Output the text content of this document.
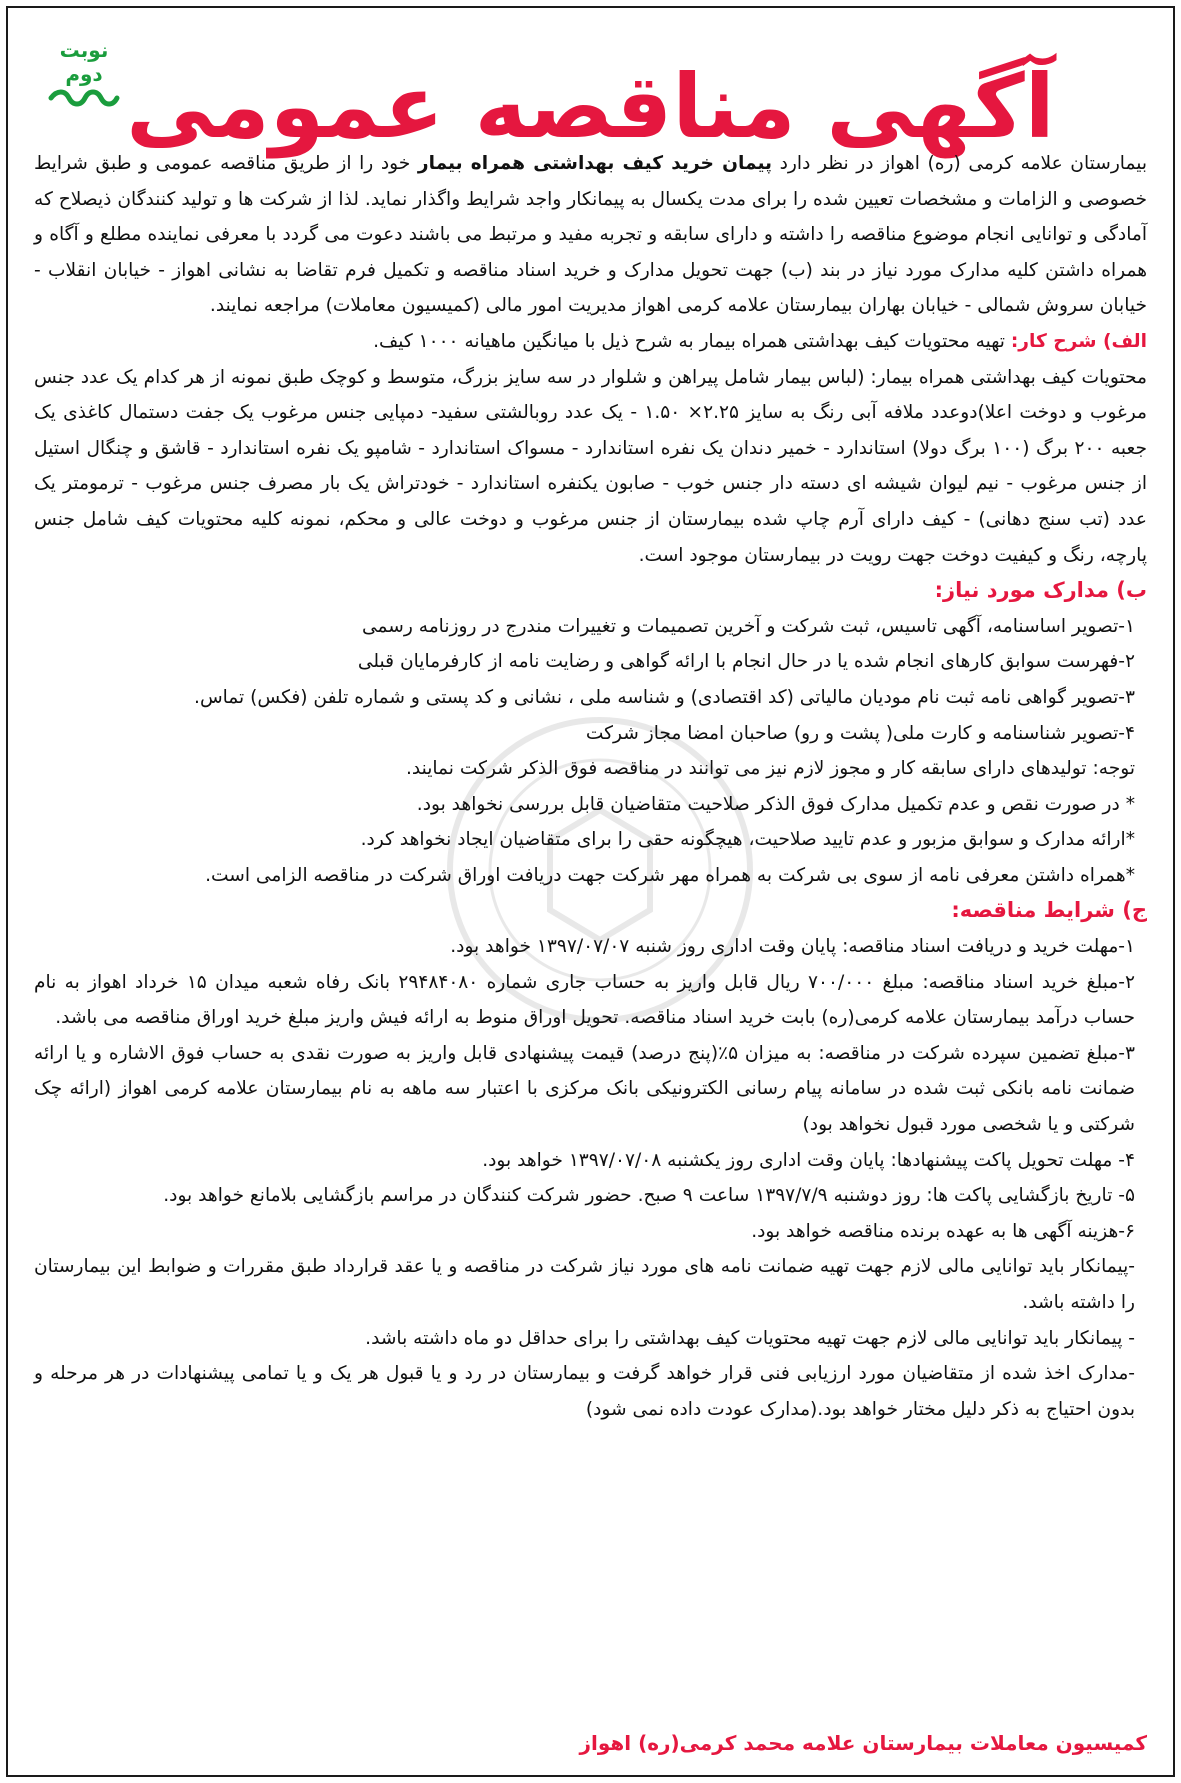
نوبت دوم آگهی مناقصه عمومی

بیمارستان علامه کرمی (ره) اهواز در نظر دارد پیمان خرید کیف بهداشتی همراه بیمار خود را از طریق مناقصه عمومی و طبق شرایط خصوصی و الزامات و مشخصات تعیین شده را برای مدت یکسال به پیمانکار واجد شرایط واگذار نماید. لذا از شرکت ها و تولید کنندگان ذیصلاح که آمادگی و توانایی انجام موضوع مناقصه را داشته و دارای سابقه و تجربه مفید و مرتبط می باشند دعوت می گردد با معرفی نماینده مطلع و آگاه و همراه داشتن کلیه مدارک مورد نیاز در بند (ب) جهت تحویل مدارک و خرید اسناد مناقصه و تکمیل فرم تقاضا به نشانی اهواز - خیابان انقلاب - خیابان سروش شمالی - خیابان بهاران بیمارستان علامه کرمی اهواز مدیریت امور مالی (کمیسیون معاملات) مراجعه نمایند.

الف) شرح کار: تهیه محتویات کیف بهداشتی همراه بیمار به شرح ذیل با میانگین ماهیانه ۱۰۰۰ کیف.

محتویات کیف بهداشتی همراه بیمار: (لباس بیمار شامل پیراهن و شلوار در سه سایز بزرگ، متوسط و کوچک طبق نمونه از هر کدام یک عدد جنس مرغوب و دوخت اعلا)دوعدد ملافه آبی رنگ به سایز ۲.۲۵× ۱.۵۰ - یک عدد روبالشتی سفید- دمپایی جنس مرغوب یک جفت دستمال کاغذی یک جعبه ۲۰۰ برگ (۱۰۰ برگ دولا) استاندارد - خمیر دندان یک نفره استاندارد - مسواک استاندارد - شامپو یک نفره استاندارد - قاشق و چنگال استیل از جنس مرغوب - نیم لیوان شیشه ای دسته دار جنس خوب - صابون یکنفره استاندارد - خودتراش یک بار مصرف جنس مرغوب - ترمومتر یک عدد (تب سنج دهانی) - کیف دارای آرم چاپ شده بیمارستان از جنس مرغوب و دوخت عالی و محکم، نمونه کلیه محتویات کیف شامل جنس پارچه، رنگ و کیفیت دوخت جهت رویت در بیمارستان موجود است.

ب) مدارک مورد نیاز:

۱-تصویر اساسنامه، آگهی تاسیس، ثبت شرکت و آخرین تصمیمات و تغییرات مندرج در روزنامه رسمی

۲-فهرست سوابق کارهای انجام شده یا در حال انجام با ارائه گواهی و رضایت نامه از کارفرمایان قبلی

۳-تصویر گواهی نامه ثبت نام مودیان مالیاتی (کد اقتصادی) و شناسه ملی ، نشانی و کد پستی و شماره تلفن (فکس) تماس.

۴-تصویر شناسنامه و کارت ملی( پشت و رو) صاحبان امضا مجاز شرکت

توجه: تولیدهای دارای سابقه کار و مجوز لازم نیز می توانند در مناقصه فوق الذکر شرکت نمایند.

* در صورت نقص و عدم تکمیل مدارک فوق الذکر صلاحیت متقاضیان قابل بررسی نخواهد بود.

*ارائه مدارک و سوابق مزبور و عدم تایید صلاحیت، هیچگونه حقی را برای متقاضیان ایجاد نخواهد کرد.

*همراه داشتن معرفی نامه از سوی بی شرکت به همراه مهر شرکت جهت دریافت اوراق شرکت در مناقصه الزامی است.

ج) شرایط مناقصه:

۱-مهلت خرید و دریافت اسناد مناقصه: پایان وقت اداری روز شنبه ۱۳۹۷/۰۷/۰۷ خواهد بود.

۲-مبلغ خرید اسناد مناقصه: مبلغ ۷۰۰/۰۰۰ ریال قابل واریز به حساب جاری شماره ۲۹۴۸۴۰۸۰ بانک رفاه شعبه میدان ۱۵ خرداد اهواز به نام حساب درآمد بیمارستان علامه کرمی(ره) بابت خرید اسناد مناقصه. تحویل اوراق منوط به ارائه فیش واریز مبلغ خرید اوراق مناقصه می باشد.

۳-مبلغ تضمین سپرده شرکت در مناقصه: به میزان ۵٪(پنج درصد) قیمت پیشنهادی قابل واریز به صورت نقدی به حساب فوق الاشاره و یا ارائه ضمانت نامه بانکی ثبت شده در سامانه پیام رسانی الکترونیکی بانک مرکزی با اعتبار سه ماهه به نام بیمارستان علامه کرمی اهواز (ارائه چک شرکتی و یا شخصی مورد قبول نخواهد بود)

۴- مهلت تحویل پاکت پیشنهادها: پایان وقت اداری روز یکشنبه ۱۳۹۷/۰۷/۰۸ خواهد بود.

۵- تاریخ بازگشایی پاکت ها: روز دوشنبه ۱۳۹۷/۷/۹ ساعت ۹ صبح. حضور شرکت کنندگان در مراسم بازگشایی بلامانع خواهد بود.

۶-هزینه آگهی ها به عهده برنده مناقصه خواهد بود.

-پیمانکار باید توانایی مالی لازم جهت تهیه ضمانت نامه های مورد نیاز شرکت در مناقصه و یا عقد قرارداد طبق مقررات و ضوابط این بیمارستان را داشته باشد.

- پیمانکار باید توانایی مالی لازم جهت تهیه محتویات کیف بهداشتی را برای حداقل دو ماه داشته باشد.

-مدارک اخذ شده از متقاضیان مورد ارزیابی فنی قرار خواهد گرفت و بیمارستان در رد و یا قبول هر یک و یا تمامی پیشنهادات در هر مرحله و بدون احتیاج به ذکر دلیل مختار خواهد بود.(مدارک عودت داده نمی شود)

کمیسیون معاملات بیمارستان علامه محمد کرمی(ره) اهواز
